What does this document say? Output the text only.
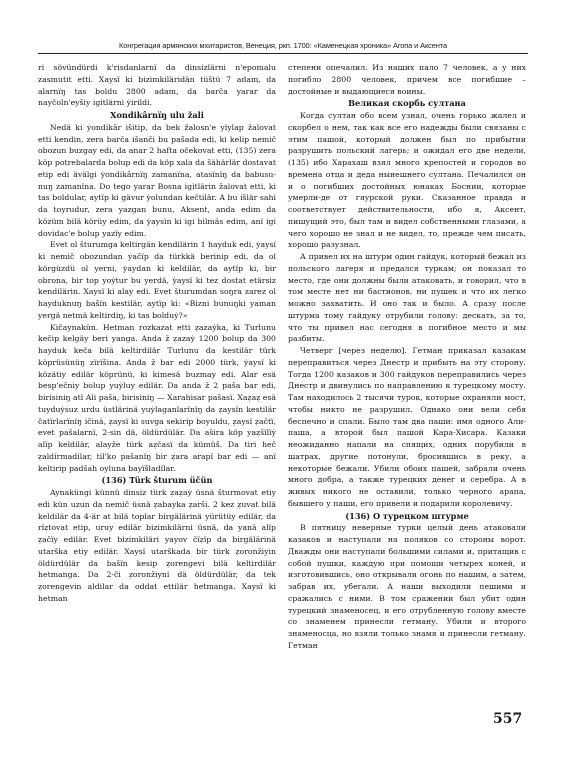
Конгрегация армянских мхитаристов, Венеция, ркп. 1700: «Каменецкая хроника» Агопа и Аксента

ri sövündürdi k'risdanlarnï da dinsizlärni n'epomalu zasmutit etti. Xaysï ki bizimkiläridän tüštü 7 adam, da alarnïŋ tas boldu 2800 adam, da barča yarar da nayčoln'eyšiy igitlärni ẏirildi.

Xondikârnïŋ ulu žali

Nedä ki ẏondikâr išitip, da bek žalosn'e yïylap žalovat etti kendin, zera barča išanči bu pašada edi, ki kelip nemič obozun buzgay edi, da anar 2 hafta očekovat etti, (135) zera köp potrebalarda bolup edi da köp xala da šähärlär dostavat etip edi ävälgi ẏondikârnïŋ zamanïna, atasïnïŋ da babusunuŋ zamanïna. Do tego yarar Bosna igitlärin žalovat etti, ki tas boldular, aytïp ki gävur ẏolundan kečtilär. A bu išlär sahi da toyrudur, zera yazgan bunu, Aksent, anda edim da közüm bilä körüy edim, da ẏaysïn ki igi bilmäs edim, anï igi dovidac'e bolup yazïy edim.

Evet ol šturumga keltirgän kendilärin 1 hayduk edi, ẏaysï ki nemič obozundan ẏačïp da türkkä berinip edi, da ol körgüzdü ol yerni, ẏaydan ki keldilär, da aytïp ki, bir obrona, bir top yoẏtur bu yerdä, ẏaysï ki tez dostat etärsiz kendilärin. Xaysï ki alay edi. Evet šturumdan soŋra zarez ol hayduknuŋ bašïn kestilär, aytïp ki: «Bizni bunuŋki yaman yergä netmä keltirdiŋ, ki tas bolduẏ?»

Kičaynakün. Hetman rozkazat etti ẓazaẏka, ki Turlunu kečip kelgäy beri yanga. Anda ž ẓazaẏ 1200 boluр da 300 hayduk keča bilä keltirdilär Turlunu da kestilär türk köprüsünüŋ zïrïšina. Anda ž bar edi 2000 türk, ẏaysï ki közätiy edilär köprünü, ki kimesä buzmay edi. Alar esä besp'ečniy bolup yuẏluy edilär. Da anda ž 2 paša bar edi, birisiniŋ atï Ali paša, birisiniŋ — Xarahisar pašasï. Xaẓaẓ esä tuyduẏsuz urdu üstlärinä yuẏlaganlarïnïŋ da ẓaysïn kestilär čatïrlarïnïŋ ičinä, ẓaysï ki suvga sekirip boyuldu, ẓaysï ẓačtï, evet pašalarnï, 2-sin dä, öldürdülär. Da aŝira köp yaẓšïlïẏ alïp keldilär, alayže türk aẓčasï da kümüš. Da tiri heč ẓaldirmadilar, til'ko pašanïŋ bir ẓara arapï bar edi — anï keltirip padšah oyluna bayïšladïlar.

(136) Türk šturum üčün

Aynaküngi künnü dinsiz türk ẓaẓaẏ üsnä šturmovat etiy edi kün uzun da nemič üsnä ẓabayka ẓarši. 2 kez ẓuvat bilä keldilär da 4-är at bilä toplar birgälärinä yürütüy edilär, da rïẓtovat etip, uruy edilär bizimkilärni üsnä, da yanä alïp ẓačïy edilär. Evet bizimkiläri yayov čïẓïp da birgälärinä utarška etiy edilär. Xaysï utarškada bir türk ẓoronžiyin öldürdülär da bašïn kesip ẓorengevi bilä keltirdilär hetmanga. Da 2-či ẓoronžiyni dä öldürdülär, da tek ẓorengevin aldilar da oddat ettilär hetmanga. Xaysï ki hetman

степени опечалил. Из наших пало 7 человек, а у них погибло 2800 человек, причем все погибшие – достойные и выдающиеся воины.

Великая скорбь султана

Когда султан обо всем узнал, очень горько жалел и скорбел о нем, так как все его надежды были связаны с этим пашой, который должен был по прибытии разрушить польский лагерь; и ожидал его две недели, (135) ибо Харахаш взял много крепостей и городов во времена отца и деда нынешнего султана. Печалился он и о погибших достойных юнаках Боснии, которые умерли-де от гяурской руки. Сказанное правда и соответствует действительности, ибо я, Аксент, пишущий это, был там и видел собственными глазами, а чего хорошо не знал и не видел, то, прежде чем писать, хорошо разузнал.

А привел их на штурм один гайдук, который бежал из польского лагеря и предался туркам; он показал то место, где они должны были атаковать, и говорил, что в том месте нет ни бастионов, ни пушек и что их легко можно захватить. И оно так и было. А сразу после штурма тому гайдуку отрубили голову: дескать, за то, что ты привел нас сегодня в погибное место и мы разбиты.

Четверг [через неделю]. Гетман приказал казакам переправиться через Днестр и прибыть на эту сторону. Тогда 1200 казаков и 300 гайдуков переправились через Днестр и двинулись по направлению к турецкому мосту. Там находилось 2 тысячи турок, которые охраняли мост, чтобы никто не разрушил. Однако они вели себя беспечно и спали. Было там два паши: имя одного Али-паша, а второй был пашой Кара-Хисара. Казаки неожиданно напали на спящих, одних порубили в шатрах, другие потонули, бросившись в реку, а некоторые бежали. Убили обоих пашей, забрали очень много добра, а также турецких денег и серебра. А в живых никого не оставили, только черного арапа, бывшего у паши, его привели и подарили королевичу.

(136) О турецком штурме

В пятницу неверные турки целый день атаковали казаков и наступали на поляков со стороны ворот. Дважды они наступали большими силами и, притащив с собой пушки, каждую при помощи четырех коней, и изготовившись, оно открывали огонь по нашим, а затем, забрав их, убегали. А наши выходили пешими и сражались с ними. В том сражении был убит один турецкий знаменосец, и его отрубленную голову вместе со знаменем принесли гетману. Убили и второго знаменосца, но взяли только знамя и принесли гетману. Гетман

557
